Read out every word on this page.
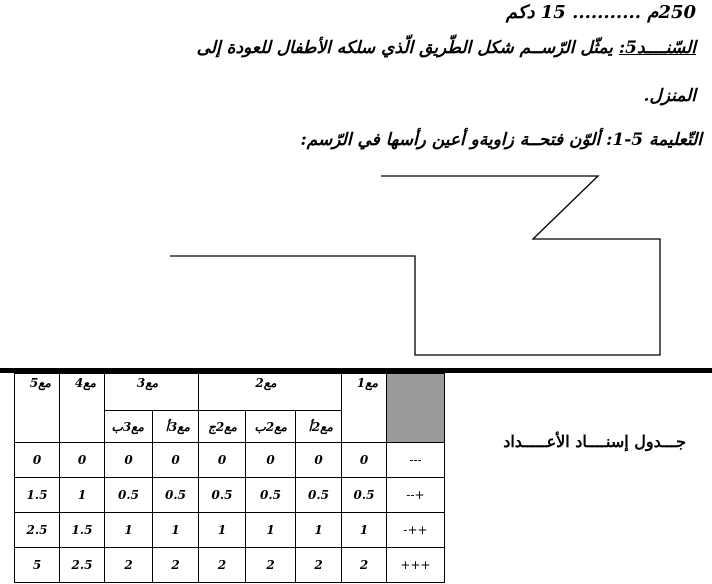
250م ........... 15 دكم
السّنــــد5: يمثّل الرّســم شكل الطّريق الّذي سلكه الأطفال للعودة إلى
المنزل.
التّعليمة 5-1: ألوّن فتحــة زاويةو أعين رأسها في الرّسم:
مع5	مع4	مع3		مع2			مع1	
		مع3ب	مع3أ	مع2ج	مع2ب	مع2أ		
0	0	0	0	0	0	0	0	---
1.5	1	0.5	0.5	0.5	0.5	0.5	0.5	--+
2.5	1.5	1	1	1	1	1	1	-++
5	2.5	2	2	2	2	2	2	+++
جـــدول إسنــــاد الأعـــــداد
